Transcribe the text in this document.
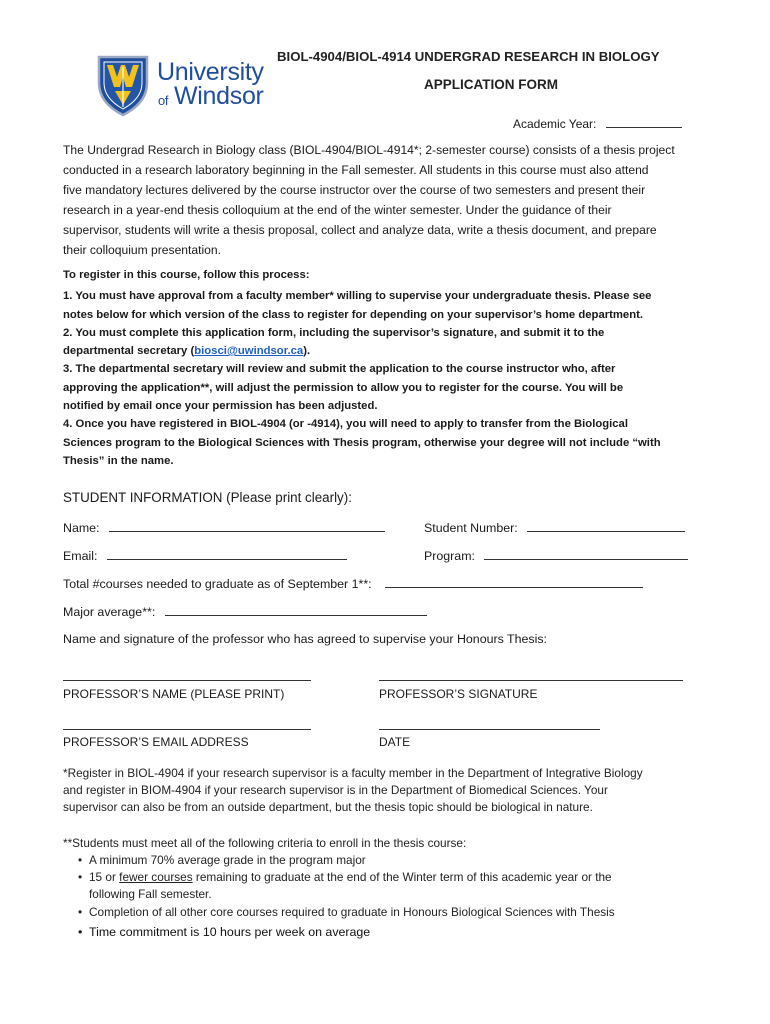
University
of Windsor
BIOL-4904/BIOL-4914 UNDERGRAD RESEARCH IN BIOLOGY
APPLICATION FORM
Academic Year:
The Undergrad Research in Biology class (BIOL-4904/BIOL-4914*; 2-semester course) consists of a thesis project
conducted in a research laboratory beginning in the Fall semester. All students in this course must also attend
five mandatory lectures delivered by the course instructor over the course of two semesters and present their
research in a year-end thesis colloquium at the end of the winter semester. Under the guidance of their
supervisor, students will write a thesis proposal, collect and analyze data, write a thesis document, and prepare
their colloquium presentation.
To register in this course, follow this process:
1. You must have approval from a faculty member* willing to supervise your undergraduate thesis. Please see
notes below for which version of the class to register for depending on your supervisor’s home department.
2. You must complete this application form, including the supervisor’s signature, and submit it to the
departmental secretary (biosci@uwindsor.ca).
3. The departmental secretary will review and submit the application to the course instructor who, after
approving the application**, will adjust the permission to allow you to register for the course. You will be
notified by email once your permission has been adjusted.
4. Once you have registered in BIOL-4904 (or -4914), you will need to apply to transfer from the Biological
Sciences program to the Biological Sciences with Thesis program, otherwise your degree will not include “with
Thesis” in the name.
STUDENT INFORMATION (Please print clearly):
Name:	Student Number:
Email:	Program:
Total #courses needed to graduate as of September 1**:
Major average**:
Name and signature of the professor who has agreed to supervise your Honours Thesis:
PROFESSOR’S NAME (PLEASE PRINT)	PROFESSOR’S SIGNATURE
PROFESSOR’S EMAIL ADDRESS	DATE
*Register in BIOL-4904 if your research supervisor is a faculty member in the Department of Integrative Biology
and register in BIOM-4904 if your research supervisor is in the Department of Biomedical Sciences. Your
supervisor can also be from an outside department, but the thesis topic should be biological in nature.
**Students must meet all of the following criteria to enroll in the thesis course:
• A minimum 70% average grade in the program major
• 15 or fewer courses remaining to graduate at the end of the Winter term of this academic year or the
following Fall semester.
• Completion of all other core courses required to graduate in Honours Biological Sciences with Thesis
• Time commitment is 10 hours per week on average
